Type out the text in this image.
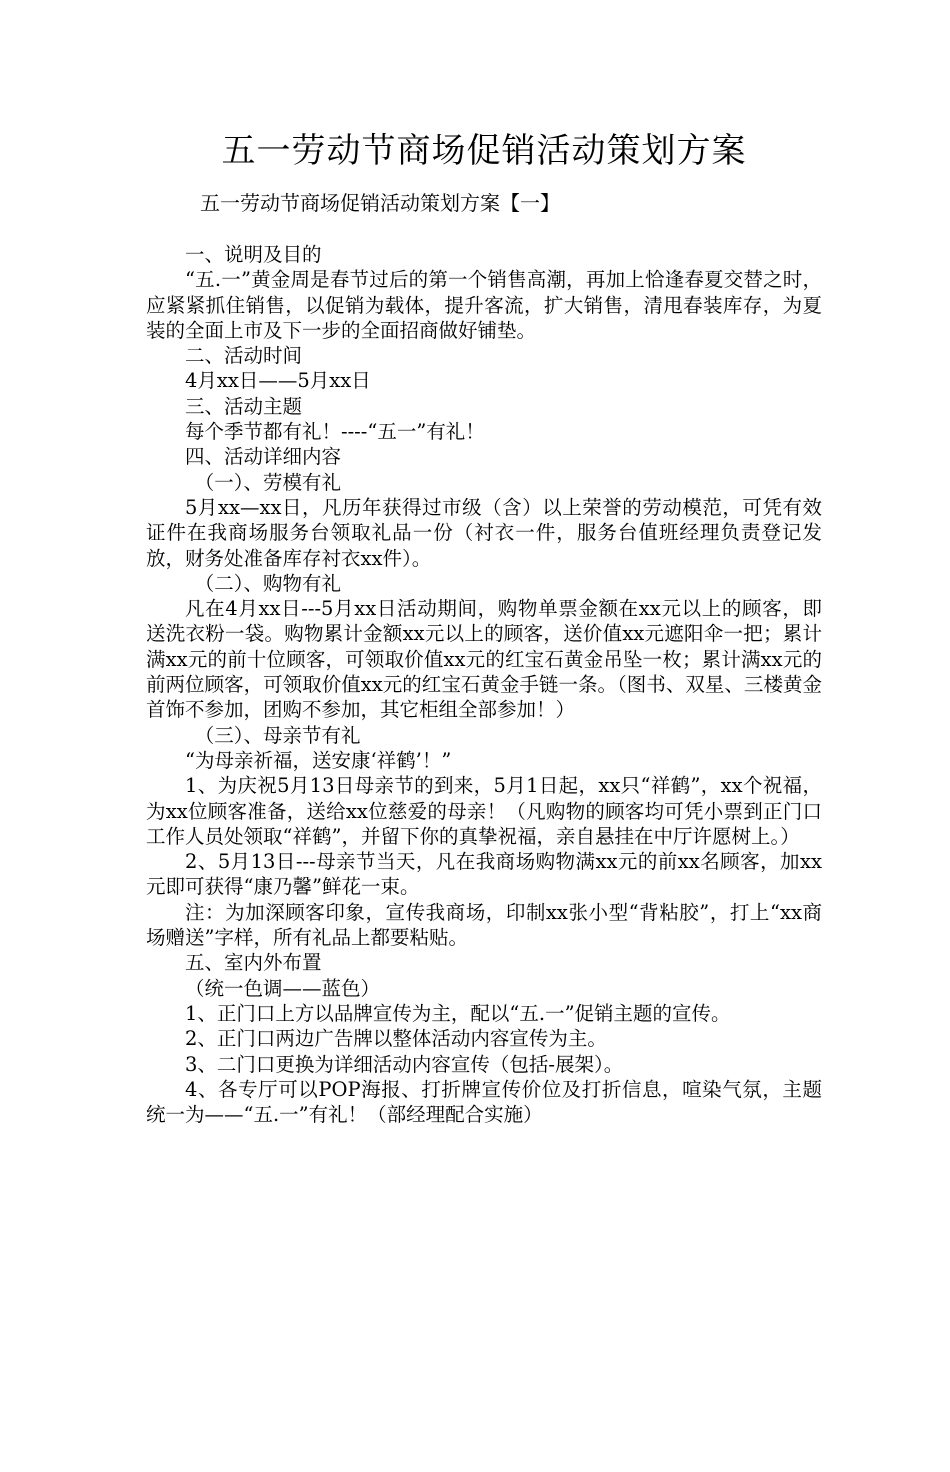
五一劳动节商场促销活动策划方案
五一劳动节商场促销活动策划方案【一】

一、说明及目的

“五.一”黄金周是春节过后的第一个销售高潮，再加上恰逢春夏交替之时，应紧紧抓住销售，以促销为载体，提升客流，扩大销售，清甩春装库存，为夏装的全面上市及下一步的全面招商做好铺垫。

二、活动时间

4月xx日——5月xx日

三、活动主题

每个季节都有礼！----“五一”有礼！

四、活动详细内容

（一）、劳模有礼

5月xx—xx日，凡历年获得过市级（含）以上荣誉的劳动模范，可凭有效证件在我商场服务台领取礼品一份（衬衣一件，服务台值班经理负责登记发放，财务处准备库存衬衣xx件）。

（二）、购物有礼

凡在4月xx日---5月xx日活动期间，购物单票金额在xx元以上的顾客，即送洗衣粉一袋。购物累计金额xx元以上的顾客，送价值xx元遮阳伞一把；累计满xx元的前十位顾客，可领取价值xx元的红宝石黄金吊坠一枚；累计满xx元的前两位顾客，可领取价值xx元的红宝石黄金手链一条。（图书、双星、三楼黄金首饰不参加，团购不参加，其它柜组全部参加！）

（三）、母亲节有礼

“为母亲祈福，送安康‘祥鹤’！”

1、为庆祝5月13日母亲节的到来，5月1日起，xx只“祥鹤”，xx个祝福，为xx位顾客准备，送给xx位慈爱的母亲！（凡购物的顾客均可凭小票到正门口工作人员处领取“祥鹤”，并留下你的真挚祝福，亲自悬挂在中厅许愿树上。）

2、5月13日---母亲节当天，凡在我商场购物满xx元的前xx名顾客，加xx元即可获得“康乃馨”鲜花一束。

注：为加深顾客印象，宣传我商场，印制xx张小型“背粘胶”，打上“xx商场赠送”字样，所有礼品上都要粘贴。

五、室内外布置

（统一色调——蓝色）

1、正门口上方以品牌宣传为主，配以“五.一”促销主题的宣传。

2、正门口两边广告牌以整体活动内容宣传为主。

3、二门口更换为详细活动内容宣传（包括-展架）。

4、各专厅可以POP海报、打折牌宣传价位及打折信息，喧染气氛，主题统一为——“五.一”有礼！（部经理配合实施）
